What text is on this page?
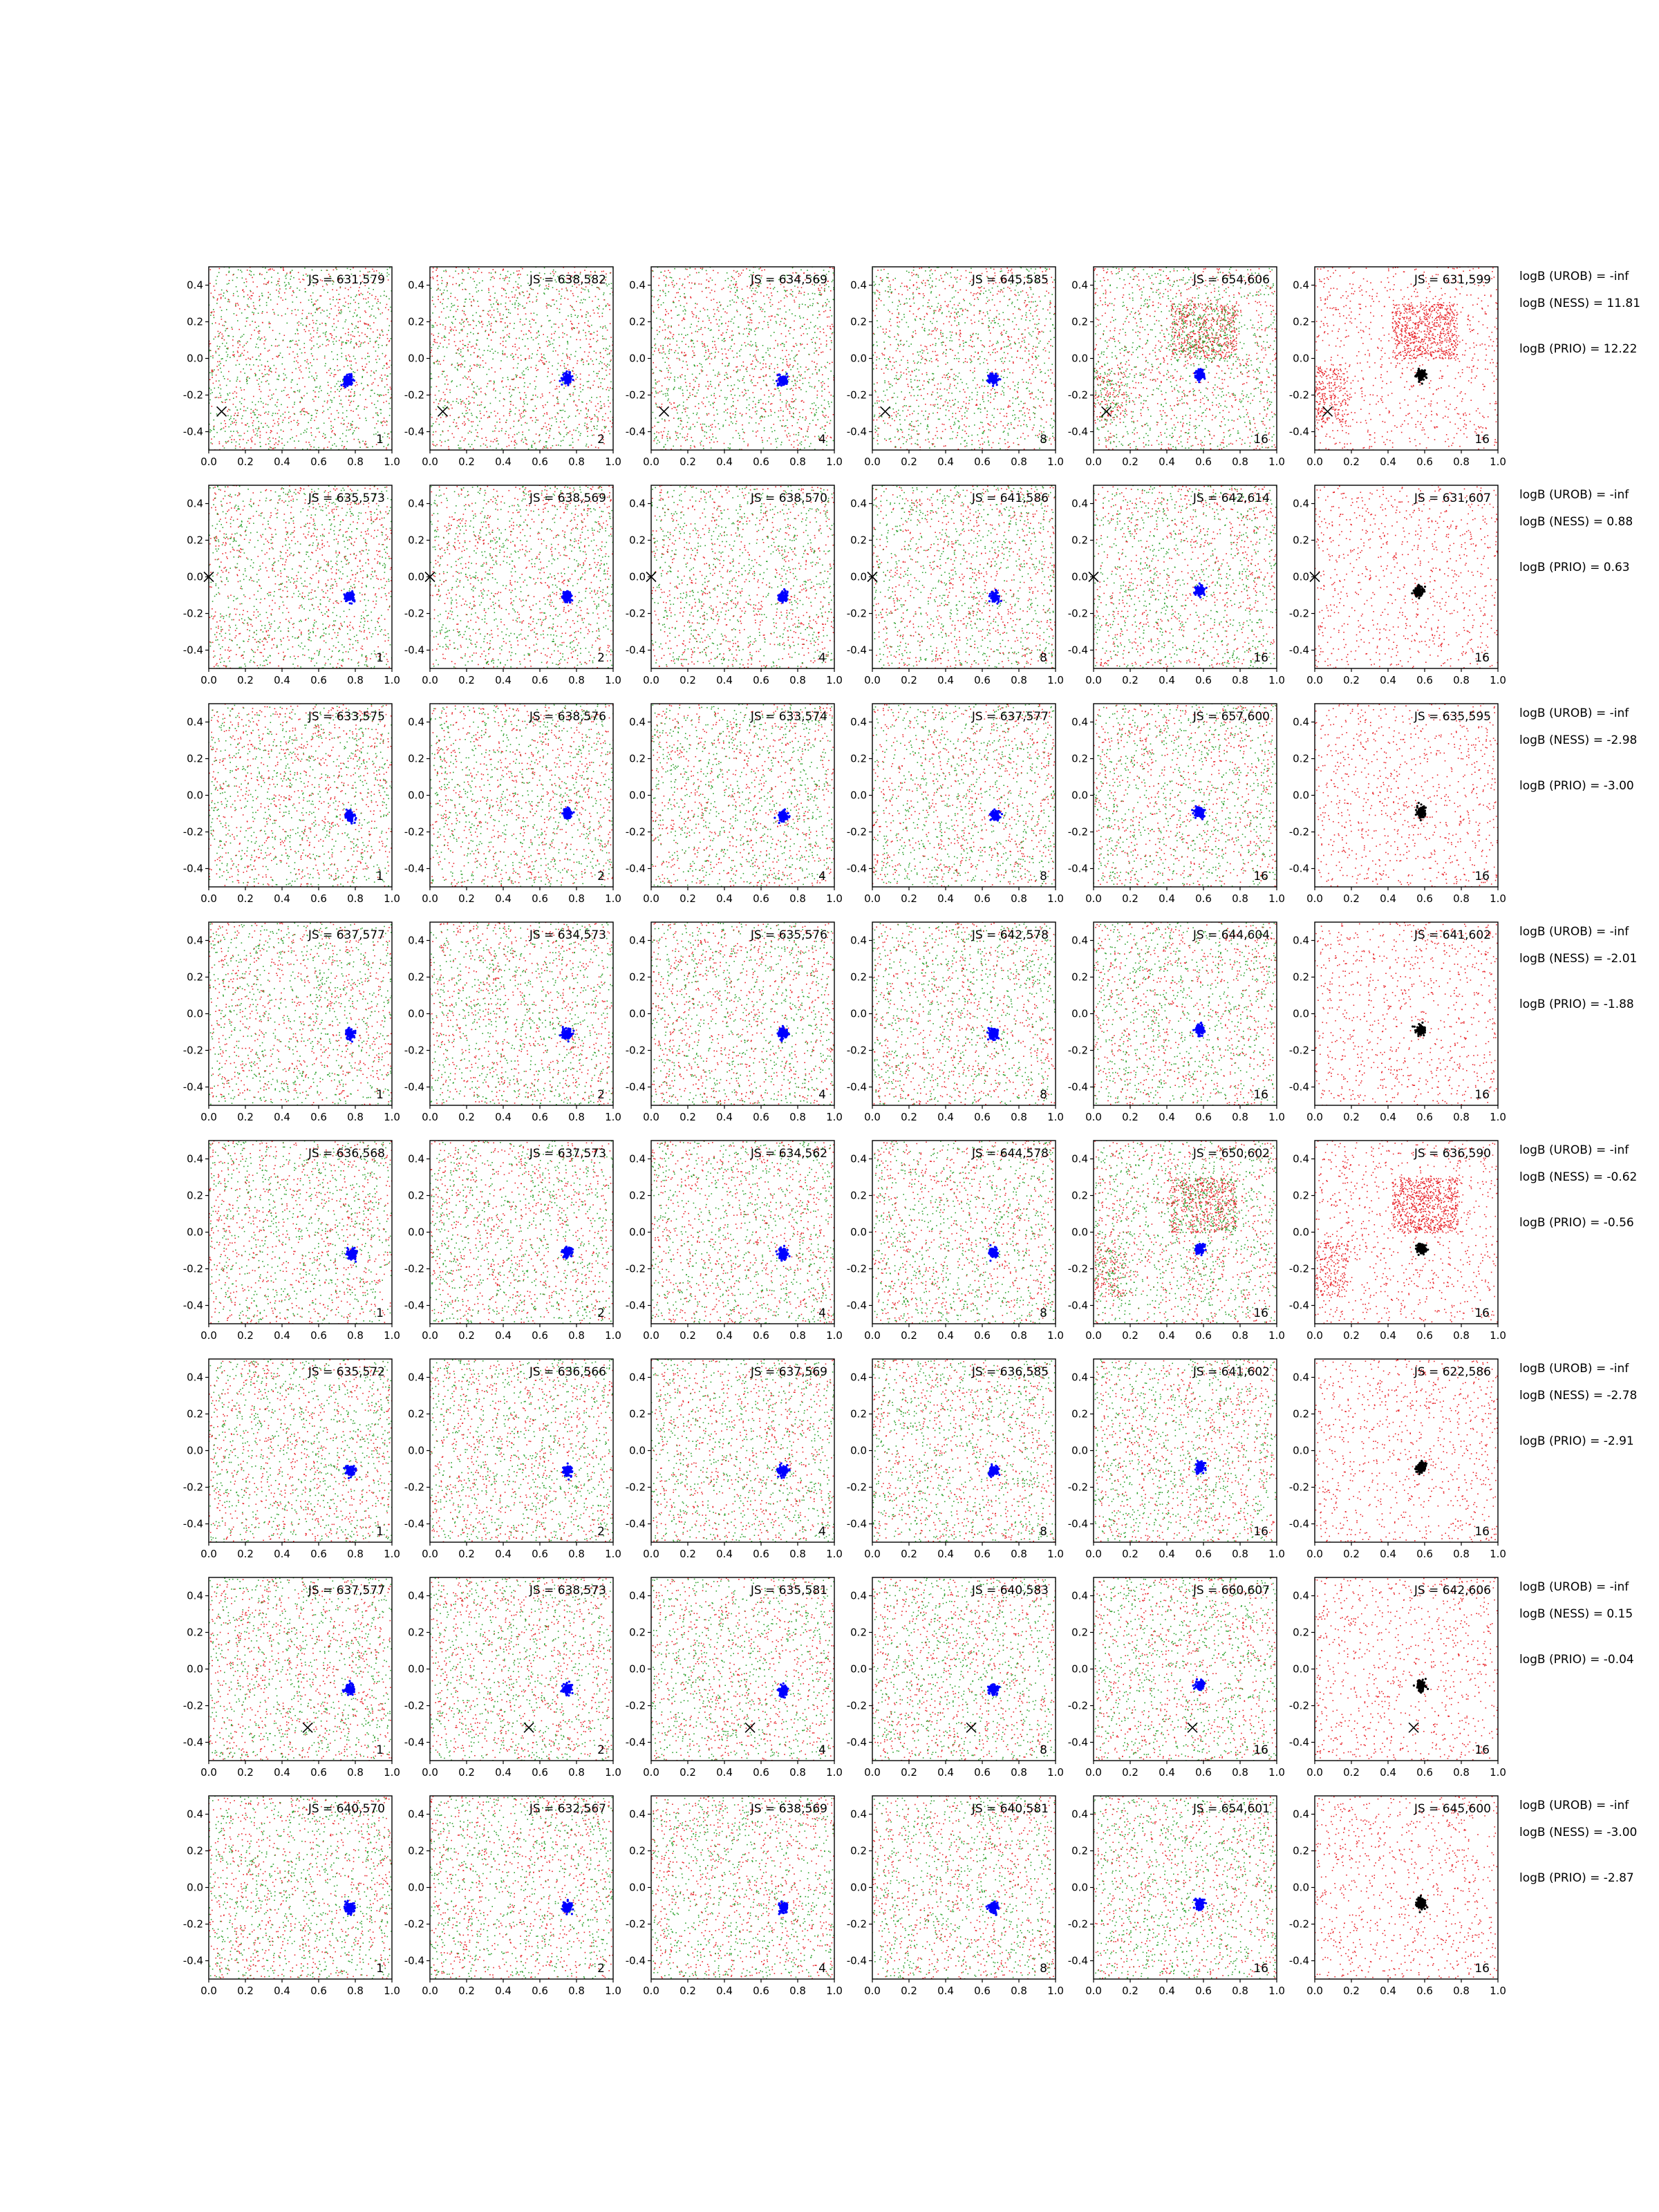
0.4
0.2
0.0
-0.2
-0.4
0.0 0.2 0.4 0.6 0.8 1.0
JS = 631,579
1
0.4
0.2
0.0
-0.2
-0.4
0.0 0.2 0.4 0.6 0.8 1.0
JS = 638,582
2
0.4
0.2
0.0
-0.2
-0.4
0.0 0.2 0.4 0.6 0.8 1.0
JS = 634,569
4
0.4
0.2
0.0
-0.2
-0.4
0.0 0.2 0.4 0.6 0.8 1.0
JS = 645,585
8
0.4
0.2
0.0
-0.2
-0.4
0.0 0.2 0.4 0.6 0.8 1.0
JS = 654,606
16
0.4
0.2
0.0
-0.2
-0.4
0.0 0.2 0.4 0.6 0.8 1.0
JS = 631,599
16
logB (UROB) = -inf
logB (NESS) = 11.81
logB (PRIO) = 12.22
0.4
0.2
0.0
-0.2
-0.4
0.0 0.2 0.4 0.6 0.8 1.0
JS = 635,573
1
0.4
0.2
0.0
-0.2
-0.4
0.0 0.2 0.4 0.6 0.8 1.0
JS = 638,569
2
0.4
0.2
0.0
-0.2
-0.4
0.0 0.2 0.4 0.6 0.8 1.0
JS = 638,570
4
0.4
0.2
0.0
-0.2
-0.4
0.0 0.2 0.4 0.6 0.8 1.0
JS = 641,586
8
0.4
0.2
0.0
-0.2
-0.4
0.0 0.2 0.4 0.6 0.8 1.0
JS = 642,614
16
0.4
0.2
0.0
-0.2
-0.4
0.0 0.2 0.4 0.6 0.8 1.0
JS = 631,607
16
logB (UROB) = -inf
logB (NESS) = 0.88
logB (PRIO) = 0.63
0.4
0.2
0.0
-0.2
-0.4
0.0 0.2 0.4 0.6 0.8 1.0
JS = 633,575
1
0.4
0.2
0.0
-0.2
-0.4
0.0 0.2 0.4 0.6 0.8 1.0
JS = 638,576
2
0.4
0.2
0.0
-0.2
-0.4
0.0 0.2 0.4 0.6 0.8 1.0
JS = 633,574
4
0.4
0.2
0.0
-0.2
-0.4
0.0 0.2 0.4 0.6 0.8 1.0
JS = 637,577
8
0.4
0.2
0.0
-0.2
-0.4
0.0 0.2 0.4 0.6 0.8 1.0
JS = 657,600
16
0.4
0.2
0.0
-0.2
-0.4
0.0 0.2 0.4 0.6 0.8 1.0
JS = 635,595
16
logB (UROB) = -inf
logB (NESS) = -2.98
logB (PRIO) = -3.00
0.4
0.2
0.0
-0.2
-0.4
0.0 0.2 0.4 0.6 0.8 1.0
JS = 637,577
1
0.4
0.2
0.0
-0.2
-0.4
0.0 0.2 0.4 0.6 0.8 1.0
JS = 634,573
2
0.4
0.2
0.0
-0.2
-0.4
0.0 0.2 0.4 0.6 0.8 1.0
JS = 635,576
4
0.4
0.2
0.0
-0.2
-0.4
0.0 0.2 0.4 0.6 0.8 1.0
JS = 642,578
8
0.4
0.2
0.0
-0.2
-0.4
0.0 0.2 0.4 0.6 0.8 1.0
JS = 644,604
16
0.4
0.2
0.0
-0.2
-0.4
0.0 0.2 0.4 0.6 0.8 1.0
JS = 641,602
16
logB (UROB) = -inf
logB (NESS) = -2.01
logB (PRIO) = -1.88
0.4
0.2
0.0
-0.2
-0.4
0.0 0.2 0.4 0.6 0.8 1.0
JS = 636,568
1
0.4
0.2
0.0
-0.2
-0.4
0.0 0.2 0.4 0.6 0.8 1.0
JS = 637,573
2
0.4
0.2
0.0
-0.2
-0.4
0.0 0.2 0.4 0.6 0.8 1.0
JS = 634,562
4
0.4
0.2
0.0
-0.2
-0.4
0.0 0.2 0.4 0.6 0.8 1.0
JS = 644,578
8
0.4
0.2
0.0
-0.2
-0.4
0.0 0.2 0.4 0.6 0.8 1.0
JS = 650,602
16
0.4
0.2
0.0
-0.2
-0.4
0.0 0.2 0.4 0.6 0.8 1.0
JS = 636,590
16
logB (UROB) = -inf
logB (NESS) = -0.62
logB (PRIO) = -0.56
0.4
0.2
0.0
-0.2
-0.4
0.0 0.2 0.4 0.6 0.8 1.0
JS = 635,572
1
0.4
0.2
0.0
-0.2
-0.4
0.0 0.2 0.4 0.6 0.8 1.0
JS = 636,566
2
0.4
0.2
0.0
-0.2
-0.4
0.0 0.2 0.4 0.6 0.8 1.0
JS = 637,569
4
0.4
0.2
0.0
-0.2
-0.4
0.0 0.2 0.4 0.6 0.8 1.0
JS = 636,585
8
0.4
0.2
0.0
-0.2
-0.4
0.0 0.2 0.4 0.6 0.8 1.0
JS = 641,602
16
0.4
0.2
0.0
-0.2
-0.4
0.0 0.2 0.4 0.6 0.8 1.0
JS = 622,586
16
logB (UROB) = -inf
logB (NESS) = -2.78
logB (PRIO) = -2.91
0.4
0.2
0.0
-0.2
-0.4
0.0 0.2 0.4 0.6 0.8 1.0
JS = 637,577
1
0.4
0.2
0.0
-0.2
-0.4
0.0 0.2 0.4 0.6 0.8 1.0
JS = 638,573
2
0.4
0.2
0.0
-0.2
-0.4
0.0 0.2 0.4 0.6 0.8 1.0
JS = 635,581
4
0.4
0.2
0.0
-0.2
-0.4
0.0 0.2 0.4 0.6 0.8 1.0
JS = 640,583
8
0.4
0.2
0.0
-0.2
-0.4
0.0 0.2 0.4 0.6 0.8 1.0
JS = 660,607
16
0.4
0.2
0.0
-0.2
-0.4
0.0 0.2 0.4 0.6 0.8 1.0
JS = 642,606
16
logB (UROB) = -inf
logB (NESS) = 0.15
logB (PRIO) = -0.04
0.4
0.2
0.0
-0.2
-0.4
0.0 0.2 0.4 0.6 0.8 1.0
JS = 640,570
1
0.4
0.2
0.0
-0.2
-0.4
0.0 0.2 0.4 0.6 0.8 1.0
JS = 632,567
2
0.4
0.2
0.0
-0.2
-0.4
0.0 0.2 0.4 0.6 0.8 1.0
JS = 638,569
4
0.4
0.2
0.0
-0.2
-0.4
0.0 0.2 0.4 0.6 0.8 1.0
JS = 640,581
8
0.4
0.2
0.0
-0.2
-0.4
0.0 0.2 0.4 0.6 0.8 1.0
JS = 654,601
16
0.4
0.2
0.0
-0.2
-0.4
0.0 0.2 0.4 0.6 0.8 1.0
JS = 645,600
16
logB (UROB) = -inf
logB (NESS) = -3.00
logB (PRIO) = -2.87
